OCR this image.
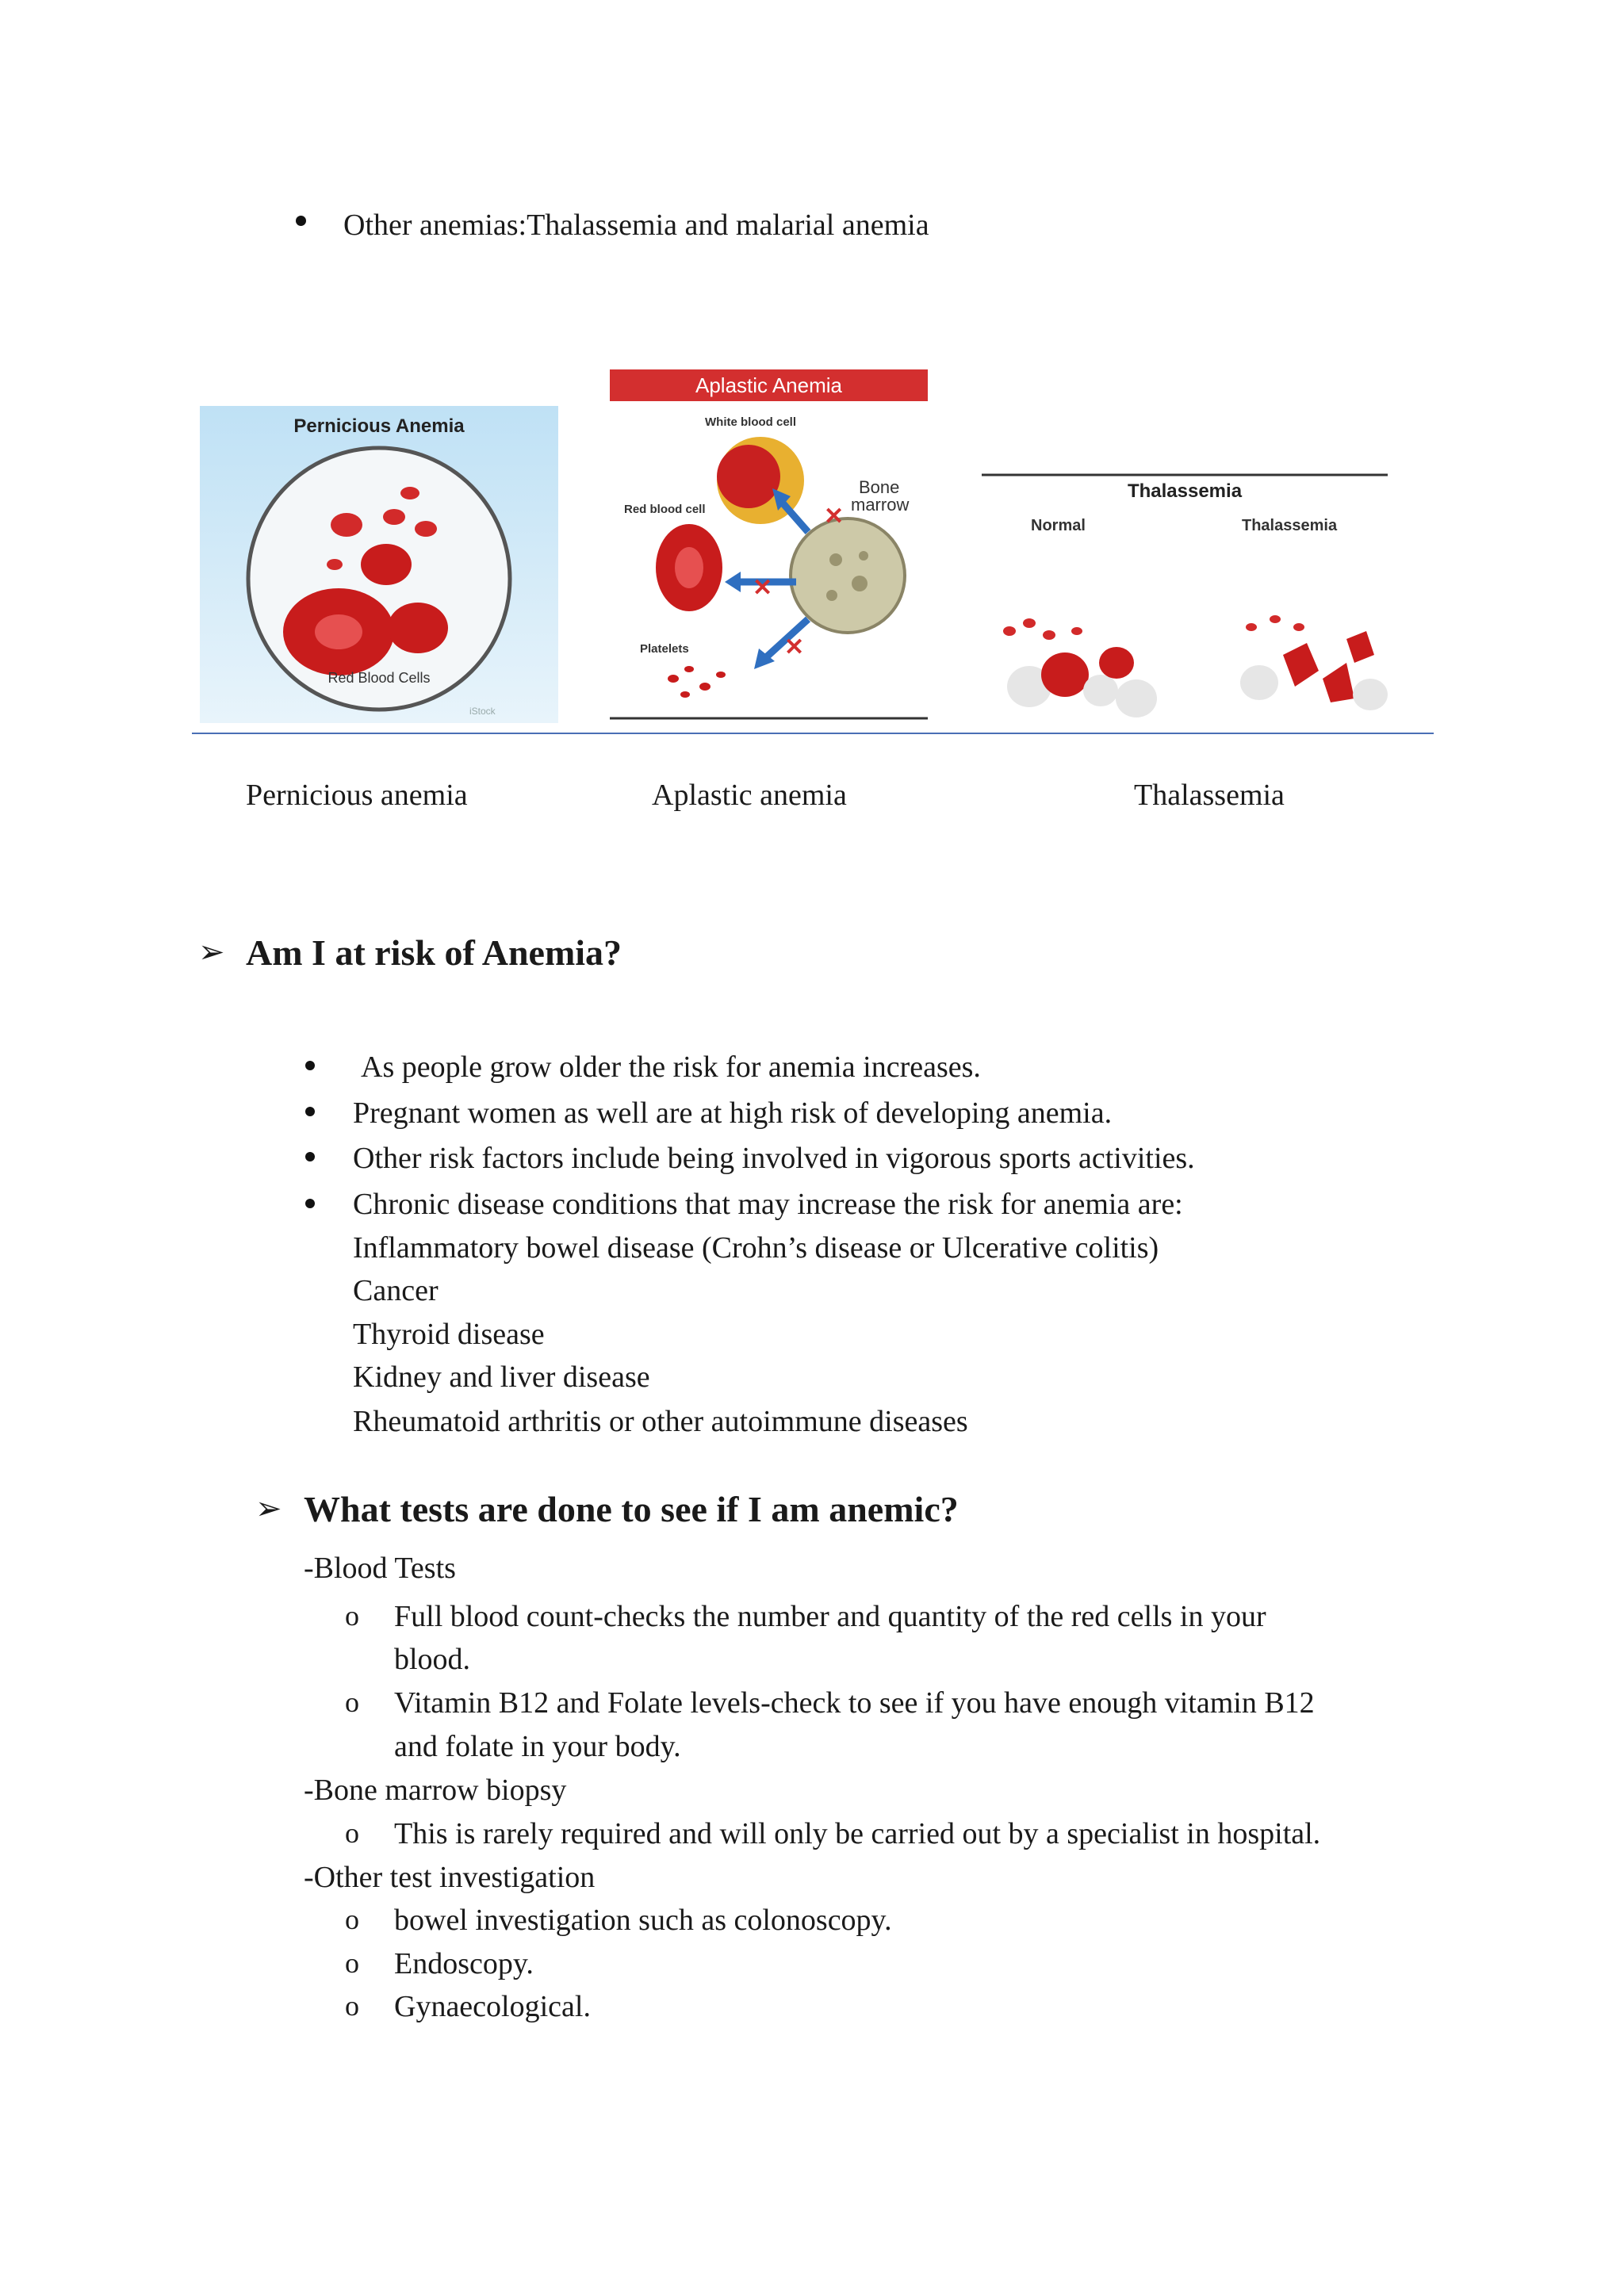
Other anemias:Thalassemia and malarial anemia
Pernicious Anemia
Red Blood Cells
iStock
Aplastic Anemia
White blood cell
Red blood cell
Bone
marrow
Platelets
✕
✕
✕
Thalassemia
Normal	Thalassemia
Pernicious anemia	Aplastic anemia	Thalassemia
➢ Am I at risk of Anemia?
As people grow older the risk for anemia increases.
Pregnant women as well are at high risk of developing anemia.
Other risk factors include being involved in vigorous sports activities.
Chronic disease conditions that may increase the risk for anemia are:
Inflammatory bowel disease (Crohn’s disease or Ulcerative colitis)
Cancer
Thyroid disease
Kidney and liver disease
Rheumatoid arthritis or other autoimmune diseases
➢ What tests are done to see if I am anemic?
-Blood Tests
o Full blood count-checks the number and quantity of the red cells in your
blood.
o Vitamin B12 and Folate levels-check to see if you have enough vitamin B12
and folate in your body.
-Bone marrow biopsy
o This is rarely required and will only be carried out by a specialist in hospital.
-Other test investigation
o bowel investigation such as colonoscopy.
o Endoscopy.
o Gynaecological.
